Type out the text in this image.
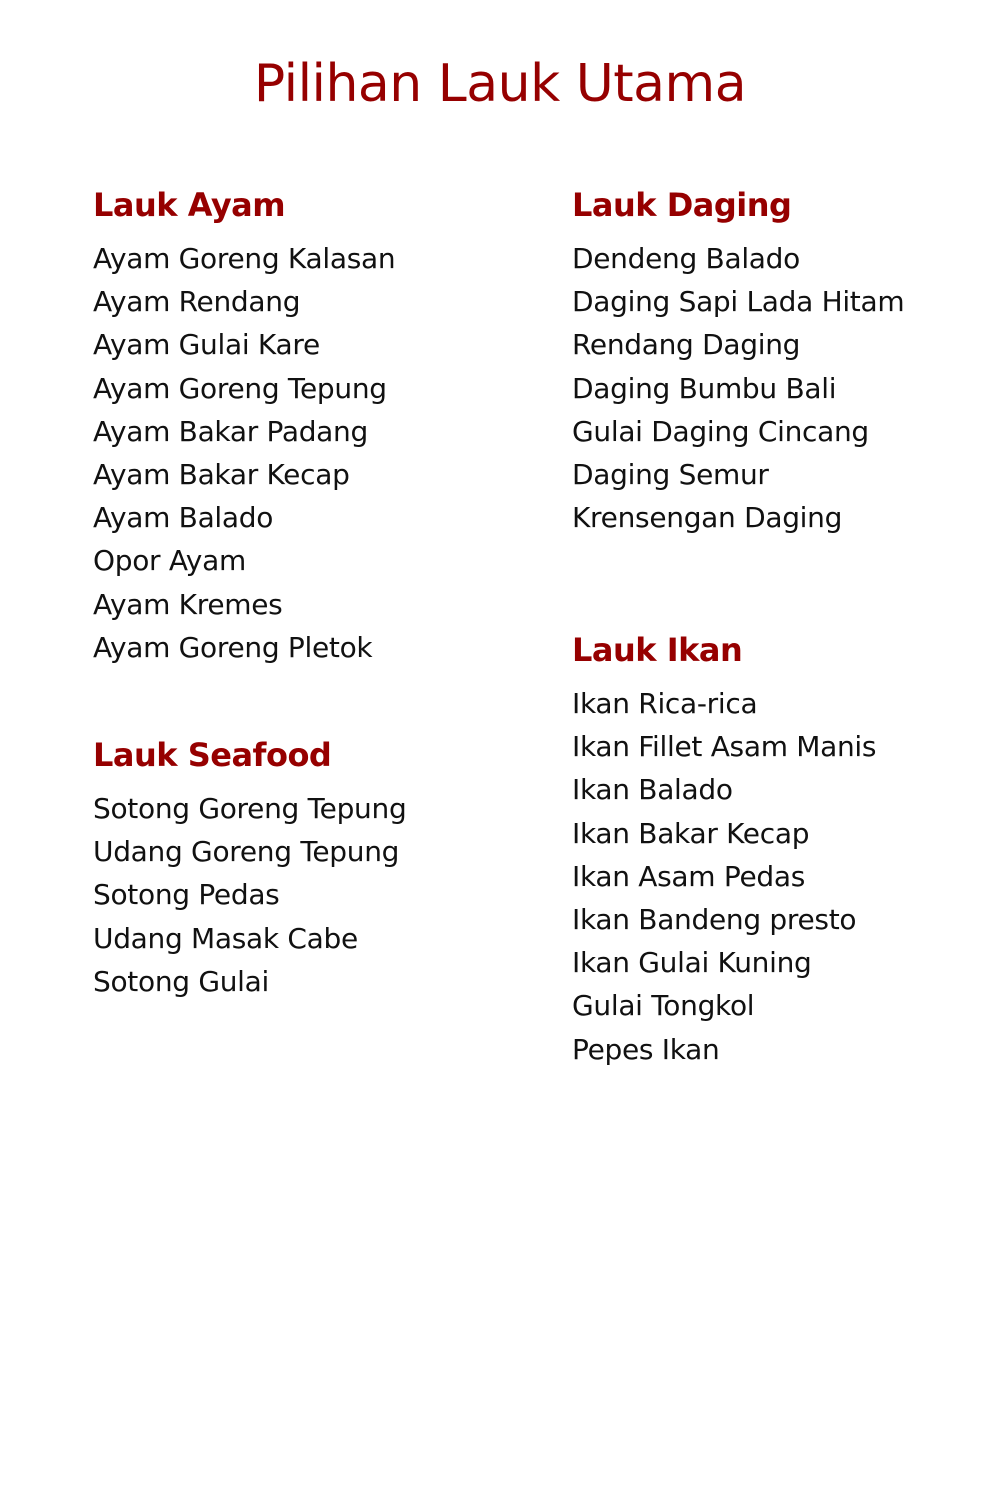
Pilihan Lauk Utama
Lauk Ayam
Ayam Goreng Kalasan
Ayam Rendang
Ayam Gulai Kare
Ayam Goreng Tepung
Ayam Bakar Padang
Ayam Bakar Kecap
Ayam Balado
Opor Ayam
Ayam Kremes
Ayam Goreng Pletok
Lauk Seafood
Sotong Goreng Tepung
Udang Goreng Tepung
Sotong Pedas
Udang Masak Cabe
Sotong Gulai
Lauk Daging
Dendeng Balado
Daging Sapi Lada Hitam
Rendang Daging
Daging Bumbu Bali
Gulai Daging Cincang
Daging Semur
Krensengan Daging
Lauk Ikan
Ikan Rica-rica
Ikan Fillet Asam Manis
Ikan Balado
Ikan Bakar Kecap
Ikan Asam Pedas
Ikan Bandeng presto
Ikan Gulai Kuning
Gulai Tongkol
Pepes Ikan
